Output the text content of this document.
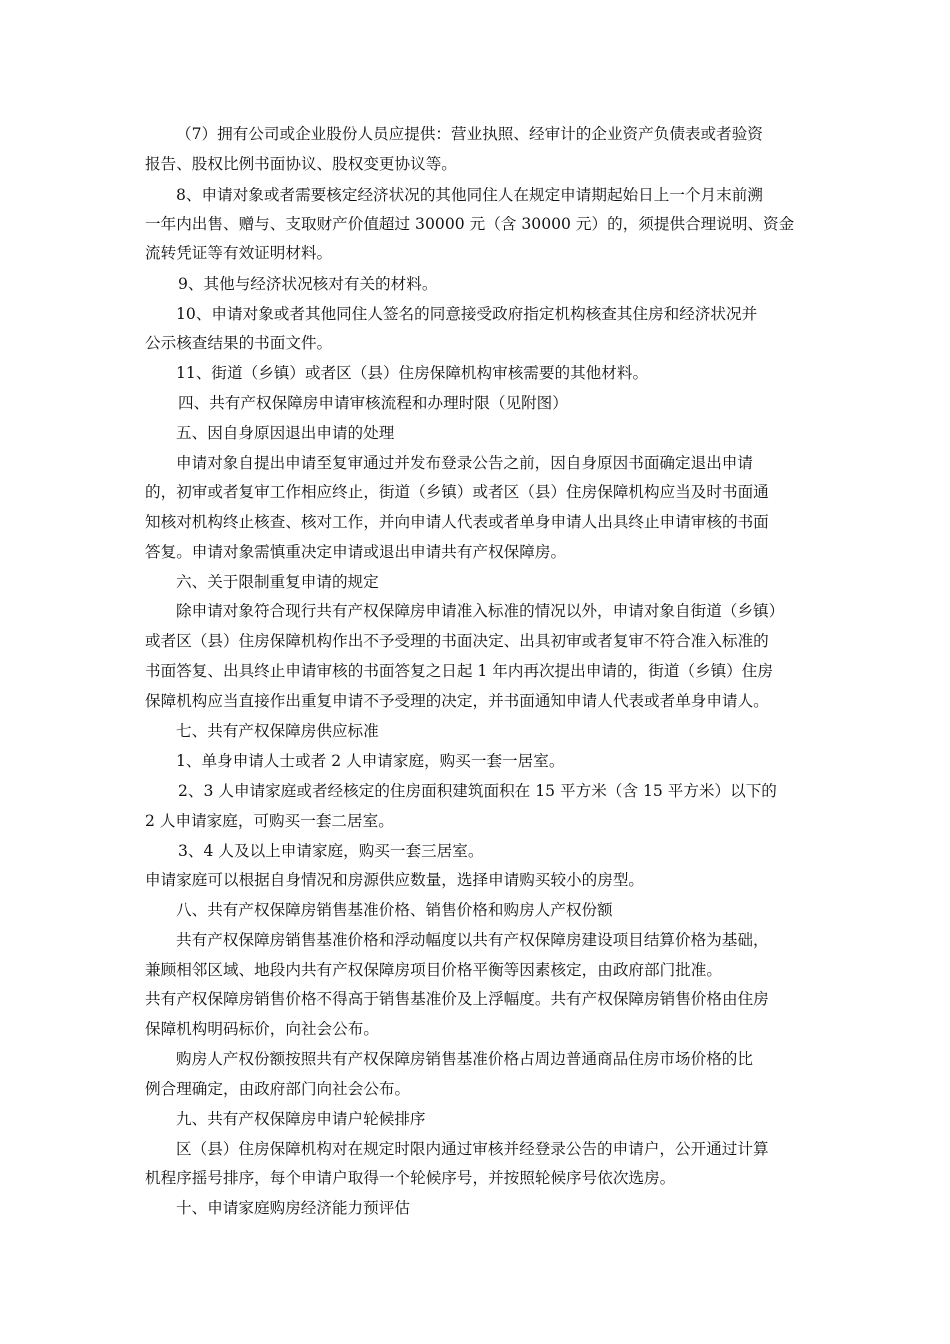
（7）拥有公司或企业股份人员应提供：营业执照、经审计的企业资产负债表或者验资
报告、股权比例书面协议、股权变更协议等。
8、申请对象或者需要核定经济状况的其他同住人在规定申请期起始日上一个月末前溯
一年内出售、赠与、支取财产价值超过 30000 元（含 30000 元）的，须提供合理说明、资金
流转凭证等有效证明材料。
9、其他与经济状况核对有关的材料。
10、申请对象或者其他同住人签名的同意接受政府指定机构核查其住房和经济状况并
公示核查结果的书面文件。
11、街道（乡镇）或者区（县）住房保障机构审核需要的其他材料。
四、共有产权保障房申请审核流程和办理时限（见附图）
五、因自身原因退出申请的处理
申请对象自提出申请至复审通过并发布登录公告之前，因自身原因书面确定退出申请
的，初审或者复审工作相应终止，街道（乡镇）或者区（县）住房保障机构应当及时书面通
知核对机构终止核查、核对工作，并向申请人代表或者单身申请人出具终止申请审核的书面
答复。申请对象需慎重决定申请或退出申请共有产权保障房。
六、关于限制重复申请的规定
除申请对象符合现行共有产权保障房申请准入标准的情况以外，申请对象自街道（乡镇）
或者区（县）住房保障机构作出不予受理的书面决定、出具初审或者复审不符合准入标准的
书面答复、出具终止申请审核的书面答复之日起 1 年内再次提出申请的，街道（乡镇）住房
保障机构应当直接作出重复申请不予受理的决定，并书面通知申请人代表或者单身申请人。
七、共有产权保障房供应标准
1、单身申请人士或者 2 人申请家庭，购买一套一居室。
2、3 人申请家庭或者经核定的住房面积建筑面积在 15 平方米（含 15 平方米）以下的
2 人申请家庭，可购买一套二居室。
3、4 人及以上申请家庭，购买一套三居室。
申请家庭可以根据自身情况和房源供应数量，选择申请购买较小的房型。
八、共有产权保障房销售基准价格、销售价格和购房人产权份额
共有产权保障房销售基准价格和浮动幅度以共有产权保障房建设项目结算价格为基础，
兼顾相邻区域、地段内共有产权保障房项目价格平衡等因素核定，由政府部门批准。
共有产权保障房销售价格不得高于销售基准价及上浮幅度。共有产权保障房销售价格由住房
保障机构明码标价，向社会公布。
购房人产权份额按照共有产权保障房销售基准价格占周边普通商品住房市场价格的比
例合理确定，由政府部门向社会公布。
九、共有产权保障房申请户轮候排序
区（县）住房保障机构对在规定时限内通过审核并经登录公告的申请户，公开通过计算
机程序摇号排序，每个申请户取得一个轮候序号，并按照轮候序号依次选房。
十、申请家庭购房经济能力预评估
